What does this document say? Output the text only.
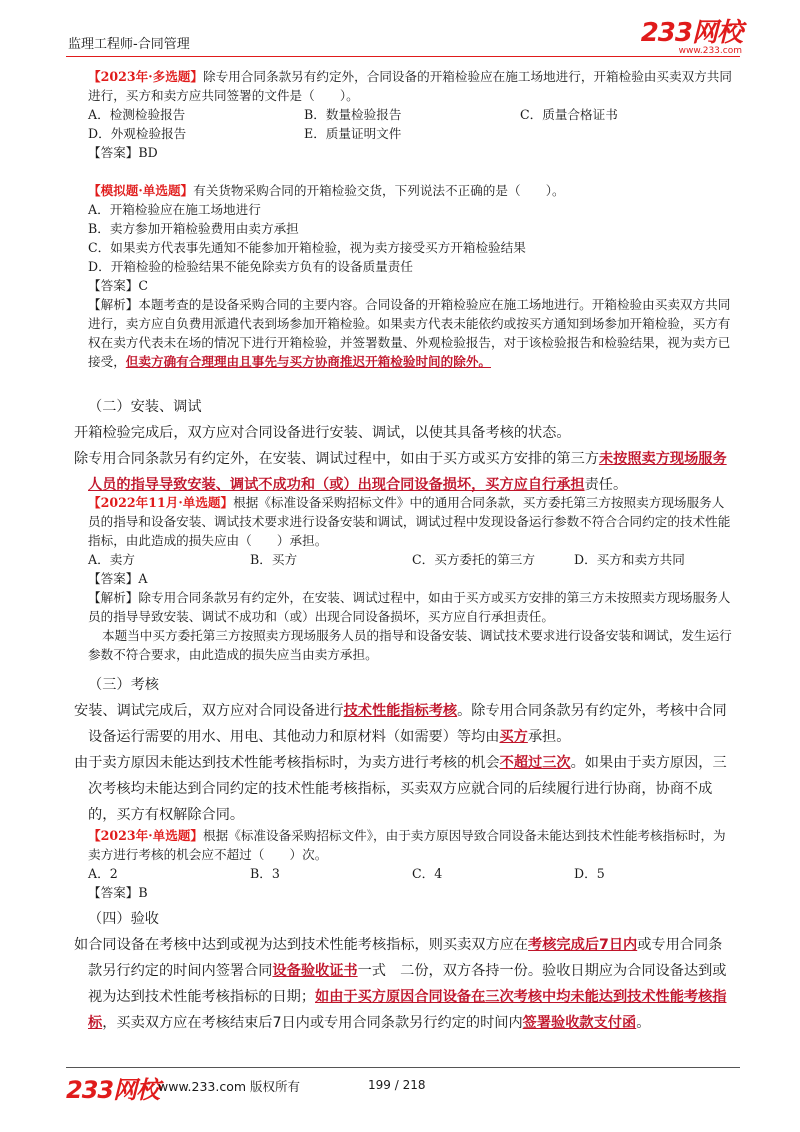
监理工程师-合同管理	233网校
www.233.com

【2023年·多选题】除专用合同条款另有约定外，合同设备的开箱检验应在施工场地进行，开箱检验由买卖双方共同进行，买方和卖方应共同签署的文件是（　　）。

A．检测检验报告	B．数量检验报告	C．质量合格证书
D．外观检验报告	E．质量证明文件

【答案】BD

【模拟题·单选题】有关货物采购合同的开箱检验交货，下列说法不正确的是（　　）。

A．开箱检验应在施工场地进行

B．卖方参加开箱检验费用由卖方承担

C．如果卖方代表事先通知不能参加开箱检验，视为卖方接受买方开箱检验结果

D．开箱检验的检验结果不能免除卖方负有的设备质量责任

【答案】C

【解析】本题考查的是设备采购合同的主要内容。合同设备的开箱检验应在施工场地进行。开箱检验由买卖双方共同进行，卖方应自负费用派遣代表到场参加开箱检验。如果卖方代表未能依约或按买方通知到场参加开箱检验，买方有权在卖方代表未在场的情况下进行开箱检验，并签署数量、外观检验报告，对于该检验报告和检验结果，视为卖方已接受，但卖方确有合理理由且事先与买方协商推迟开箱检验时间的除外。

（二）安装、调试

开箱检验完成后，双方应对合同设备进行安装、调试，以使其具备考核的状态。

除专用合同条款另有约定外，在安装、调试过程中，如由于买方或买方安排的第三方未按照卖方现场服务人员的指导导致安装、调试不成功和（或）出现合同设备损坏，买方应自行承担责任。

【2022年11月·单选题】根据《标准设备采购招标文件》中的通用合同条款，买方委托第三方按照卖方现场服务人员的指导和设备安装、调试技术要求进行设备安装和调试，调试过程中发现设备运行参数不符合合同约定的技术性能指标，由此造成的损失应由（　　）承担。

A．卖方	B．买方	C．买方委托的第三方	D．买方和卖方共同

【答案】A

【解析】除专用合同条款另有约定外，在安装、调试过程中，如由于买方或买方安排的第三方未按照卖方现场服务人员的指导导致安装、调试不成功和（或）出现合同设备损坏，买方应自行承担责任。

本题当中买方委托第三方按照卖方现场服务人员的指导和设备安装、调试技术要求进行设备安装和调试，发生运行参数不符合要求，由此造成的损失应当由卖方承担。

（三）考核

安装、调试完成后，双方应对合同设备进行技术性能指标考核。除专用合同条款另有约定外，考核中合同设备运行需要的用水、用电、其他动力和原材料（如需要）等均由买方承担。

由于卖方原因未能达到技术性能考核指标时，为卖方进行考核的机会不超过三次。如果由于卖方原因，三次考核均未能达到合同约定的技术性能考核指标，买卖双方应就合同的后续履行进行协商，协商不成的，买方有权解除合同。

【2023年·单选题】根据《标准设备采购招标文件》，由于卖方原因导致合同设备未能达到技术性能考核指标时，为卖方进行考核的机会应不超过（　　）次。

A．2	B．3	C．4	D．5

【答案】B

（四）验收

如合同设备在考核中达到或视为达到技术性能考核指标，则买卖双方应在考核完成后7日内或专用合同条款另行约定的时间内签署合同设备验收证书一式　二份，双方各持一份。验收日期应为合同设备达到或视为达到技术性能考核指标的日期；如由于买方原因合同设备在三次考核中均未能达到技术性能考核指标，买卖双方应在考核结束后7日内或专用合同条款另行约定的时间内签署验收款支付函。

233网校
www.233.com 版权所有	199 / 218
